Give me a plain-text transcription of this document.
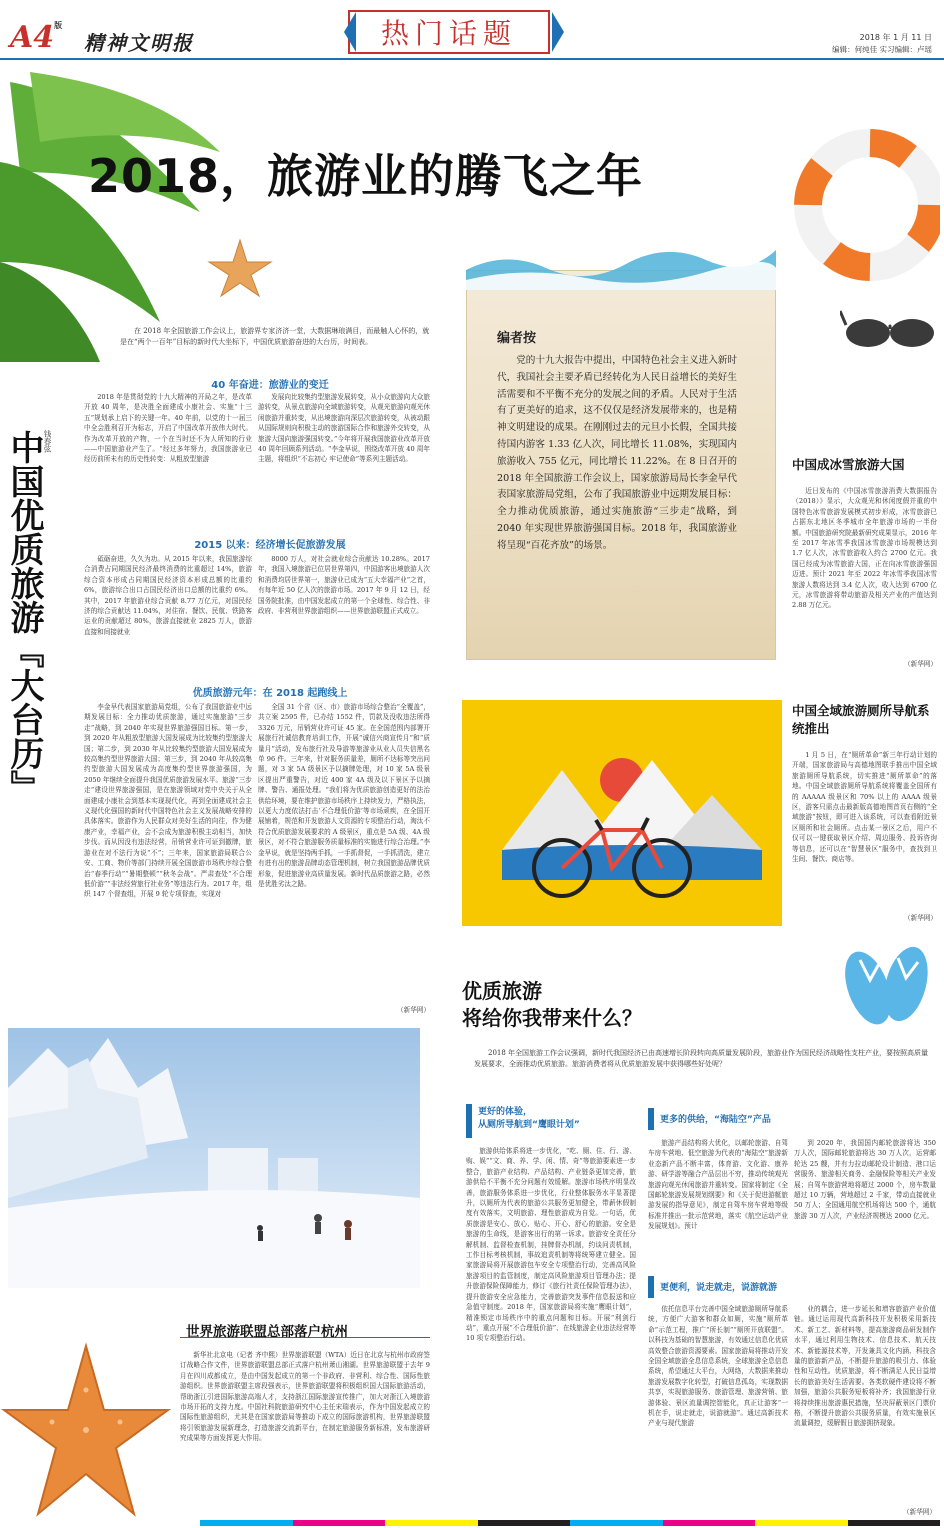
$A4^版$
精神文明报	热门话题	2018 年 1 月 11 日
编辑：何纯佳 实习编辑：卢瑶
2018，旅游业的腾飞之年
钱春弦
中国优质旅游『大台历』
在 2018 年全国旅游工作会议上，旅游界专家济济一堂，大数据琳琅满目，而最触人心怀的，就是在“两个一百年”目标的新时代大坐标下，中国优质旅游奋进的大台历，时间表。
40 年奋进：旅游业的变迁
2018 年是贯彻党的十九大精神的开局之年，是改革开放 40 周年，是决胜全面建成小康社会、实施“十三五”规划承上启下的关键一年。40 年前，以党的十一届三中全会胜利召开为标志，开启了中国改革开放伟大时代。作为改革开放的产物，一个在当时还不为人所知的行业——中国旅游业产生了。“经过多年努力，我国旅游业已经历前所未有的历史性转变：从粗放型旅游
发展向比较集约型旅游发展转变，从小众旅游向大众旅游转变，从景点旅游向全域旅游转变，从观光旅游向观光休闲旅游并重转变，从出境旅游向深层次旅游转变，从被动跟从国际规则向积极主动的旅游国际合作和旅游外交转变，从旅游大国向旅游强国转变。”今年将开展我国旅游业改革开放 40 周年回顾系列活动。“李金早说，围绕改革开放 40 周年主题，将组织“不忘初心 牢记使命”等系列主题活动。
2015 以来：经济增长促旅游发展
砥砺奋进，久久为功。从 2015 年以来，我国旅游综合消费占同期国民经济最终消费的比重超过 14%，旅游综合资本形成占同期国民经济资本形成总额的比重约 6%，旅游综合出口占国民经济出口总额的比重约 6%。其中，2017 年旅游业综合贡献 8.77 万亿元，对国民经济的综合贡献达 11.04%，对住宿、餐饮、民航、铁路客运业的贡献超过 80%，旅游直接就业 2825 万人，旅游直接和间接就业
8000 万人，对社会就业综合贡献达 10.28%。2017 年，我国入境旅游已位居世界第四，中国游客出境旅游人次和消费均居世界第一，旅游业已成为“五大幸福产业”之首，有每年近 50 亿人次的旅游市场。2017 年 9 月 12 日，经国务院批准，由中国发起成立的第一个全球性、综合性、非政府、非营利世界旅游组织——世界旅游联盟正式成立。
优质旅游元年：在 2018 起跑线上
李金早代表国家旅游局党组，公布了我国旅游业中远期发展目标：全力推动优质旅游，通过实施旅游“三步走”战略，到 2040 年实现世界旅游强国目标。第一步，到 2020 年从粗放型旅游大国发展成为比较集约型旅游大国；第二步，到 2030 年从比较集约型旅游大国发展成为较高集约型世界旅游大国；第三步，到 2040 年从较高集约型旅游大国发展成为高度集约型世界旅游强国，为 2050 年继续全面提升我国优质旅游发展水平。旅游“三步走”建设世界旅游强国，是在旅游领域对党中央关于从全面建成小康社会到基本实现现代化，再到全面建成社会主义现代化强国的新时代中国特色社会主义发展战略安排的具体落实。旅游作为人民群众对美好生活的向往，作为健康产业，幸福产业，会不会成为旅游积极主动相当，加快步伐。而从因没有违法经营，吊销营业许可证到撤牌，旅游业在对不法行为说“不”；三年来，国家旅游局联合公安、工商、物价等部门持续开展全国旅游市场秩序综合整治“春季行动”“暑期整顿”“秋冬会战”。严肃查处“不合理低价游”“非法经营旅行社业务”等违法行为。2017 年，组织 147 个督查组，开展 9 轮专项督查，实现对
全国 31 个省（区、市）旅游市场综合整治“全覆盖”，共立案 2595 件，已办结 1552 件，罚款及没收违法所得 3326 万元，吊销营业许可证 45 家。在全国范围内部署开展旅行社诚信教育培训工作，开展“诚信兴商宣传月”和“质量月”活动，发布旅行社及导游等旅游业从业人员失信黑名单 96 件。三年来，针对服务质量差，厕所不达标等突出问题，对 3 家 5A 级景区予以摘牌处理，对 10 家 5A 级景区提出严重警告，对近 400 家 4A 级及以下景区予以摘牌、警告、通报处理。“我们将为优质旅游创造更好的法治供给环境，要在维护旅游市场秩序上持续发力，严格执法，以更大力度依法打击‘不合理低价游’等市场顽疾，在全国开展铺着，规范和开发旅游人文资源的专项整治行动，淘汰不符合优质旅游发展要求的 A 级景区，重点是 5A 级、4A 级景区，对不符合旅游服务质量标准的实施进行综合治理。”李金早说，就是坚持两手抓，一手抓督促，一手抓清洗，建立有进有出的旅游品牌动态管理机制，树立我国旅游品牌优质形象，促进旅游业高质量发展。新时代品质旅游之路，必然是优胜劣汰之路。
（新华网）
编者按
党的十九大报告中提出，中国特色社会主义进入新时代，我国社会主要矛盾已经转化为人民日益增长的美好生活需要和不平衡不充分的发展之间的矛盾。人民对于生活有了更美好的追求，这不仅仅是经济发展带来的，也是精神文明建设的成果。在刚刚过去的元旦小长假，全国共接待国内游客 1.33 亿人次，同比增长 11.08%，实现国内旅游收入 755 亿元，同比增长 11.22%。在 8 日召开的 2018 年全国旅游工作会议上，国家旅游局局长李金早代表国家旅游局党组，公布了我国旅游业中远期发展目标：全力推动优质旅游，通过实施旅游“三步走”战略，到 2040 年实现世界旅游强国目标。2018 年，我国旅游业将呈现“百花齐放”的场景。
中国成冰雪旅游大国
近日发布的《中国冰雪旅游消费大数据报告（2018）》显示，大众观光和休闲度假并重的中国特色冰雪旅游发展模式初步形成，冰雪旅游已占据东北地区冬季城市全年旅游市场的一半份额。中国旅游研究院最新研究成果显示，2016 年至 2017 年冰雪季我国冰雪旅游市场规模达到 1.7 亿人次，冰雪旅游收入约合 2700 亿元。我国已经成为冰雪旅游大国，正在向冰雪旅游强国迈进。预计 2021 年至 2022 年冰雪季我国冰雪旅游人数将达到 3.4 亿人次，收入达到 6700 亿元，冰雪旅游将带动旅游及相关产业的产值达到 2.88 万亿元。
（新华网）
中国全域旅游厕所导航系统推出
1 月 5 日，在“厕所革命”新三年行动计划的开端，国家旅游局与高德地图联手推出中国全域旅游厕所导航系统，切实推进“厕所革命”的落地。中国全域旅游厕所导航系统将覆盖全国所有的 AAAAA 级景区和 70% 以上的 AAAA 级景区，游客只需点击最新版高德地图首页右侧的“全域旅游”按钮，即可进入该系统，可以查看附近景区厕所和社会厕所。点击某一景区之后，用户不仅可以一键获取景区介绍、周边服务、投诉咨询等信息，还可以在“智慧景区”服务中，查找到卫生间、餐饮、商店等。
（新华网）
优质旅游
将给你我带来什么？
2018 年全国旅游工作会议强调，新时代我国经济已由高速增长阶段转向高质量发展阶段，旅游业作为国民经济战略性支柱产业，要按照高质量发展要求，全面推动优质旅游。旅游消费者将从优质旅游发展中获得哪些好处呢？
更好的体验，
从厕所导航到“鹰眼计划”
旅游供给体系将进一步优化，“吃、厕、住、行、游、购、娱”“文、商、养、学、闲、情、奇”等旅游要素进一步整合，旅游产业结构、产品结构、产业链条更加完善，旅游供给不平衡不充分问题有效缓解。旅游市场秩序明显改善，旅游服务体系进一步优化，行业整体服务水平显著提升，以厕所为代表的旅游公共服务更加健全，带薪休假制度有效落实，文明旅游、理性旅游成为自觉。一句话，优质旅游是安心、放心、贴心、开心、舒心的旅游。安全是旅游的生命线，是游客出行的第一诉求。旅游安全责任分解机制、监督检查机制，挂牌督办机制，约谈问责机制，工作目标考核机制，事故追责机制等将统筹建立健全。国家旅游局将开展旅游包车安全专项整治行动，完善高风险旅游项目的监管制度，制定高风险旅游项目管理办法；提升旅游保险保障能力，修订《旅行社责任保险管理办法》，提升旅游安全应急能力，完善旅游突发事件信息报送和应急值守制度。2018 年，国家旅游局将实施“鹰眼计划”，精准锁定市场秩序中的重点问题和目标。开展“利剑行动”，重点开展“不合理低价游”、在线旅游企业违法经营等 10 项专项整治行动。
更多的供给，“海陆空”产品
旅游产品结构将大优化，以邮轮旅游、自驾车房车营地、低空旅游为代表的“海陆空”旅游新业态新产品不断丰富，体育游、文化游、康养游、研学游等融合产品层出不穷，推动传统观光旅游向观光休闲旅游并重转变。国家将制定《全国邮轮旅游发展规划纲要》和《关于促进游艇旅游发展的指导意见》，制定自驾车房车营地等级标准并推出一批示范营地，落实《航空运动产业发展规划》。预计
到 2020 年，我国国内邮轮旅游将达 350 万人次，国际邮轮旅游将达 30 万人次，运营邮轮达 25 艘，并有力拉动邮轮设计制造、港口运营服务、旅游相关商务、金融保险等相关产业发展；自驾车旅游营地将超过 2000 个，房车数量超过 10 万辆，营地超过 2 千家，带动直接就业 50 万人；全国通用航空机场将达 500 个，通航旅游 30 万人次，产业经济规模达 2000 亿元。
更便利，说走就走，说游就游
依托信息平台完善中国全域旅游厕所导航系统，方便广大游客和群众如厕，实施“厕所革命”示范工程，推广“所长制”“厕所开放联盟”。以科技为基础的智慧旅游，有效通过信息化优质高效整合旅游资源要素。国家旅游局将推动开发全国全域旅游全息信息系统，全球旅游全息信息系统，希望通过大平台，大网络，大数据来推动旅游发展数字化转型，打破信息孤岛，实现数据共享，实现旅游服务、旅游管理、旅游营销、旅游体验、景区流量调控智能化，真正让游客“一机在手，说走就走，说游就游”。通过高新技术产业与现代旅游
业的耦合，进一步延长和增容旅游产业价值链。通过运用现代高新科技开发积极采用新技术、新工艺、新材料等，提高旅游商品研发制作水平，通过利用生物技术、信息技术、航天技术、新能源技术等，开发兼具文化内涵、科技含量的旅游新产品，不断提升旅游的吸引力、体验性和互动性。优质旅游，将不断满足人民日益增长的旅游美好生活需要。各类软硬件建设将不断加强，旅游公共服务短板将补齐；我国旅游行业将持续推出旅游惠民措施，坚决屏蔽景区门票价格，不断提升旅游公共服务质量，有效实施景区流量调控，缓解假日旅游拥挤现象。
（新华网）
世界旅游联盟总部落户杭州
新华社北京电（记者 齐中熙）世界旅游联盟（WTA）近日在北京与杭州市政府签订战略合作文件，世界旅游联盟总部正式落户杭州萧山湘湖。世界旅游联盟于去年 9 月在四川成都成立，是由中国发起成立的第一个非政府、非营利、综合性、国际性旅游组织。世界旅游联盟主席段强表示，世界旅游联盟将积极组织国大国际旅游活动，帮助浙江引进国际旅游高端人才，支持浙江国际旅游宣传推广，加大对浙江入境旅游市场开拓的支持力度。中国社科院旅游研究中心主任宋瑞表示，作为中国发起成立的国际性旅游组织，尤其是在国家旅游局等推动下成立的国际旅游机构，世界旅游联盟将引领旅游发展新理念，打造旅游交流新平台，在制定旅游服务新标准，发布旅游研究成果等方面发挥更大作用。
